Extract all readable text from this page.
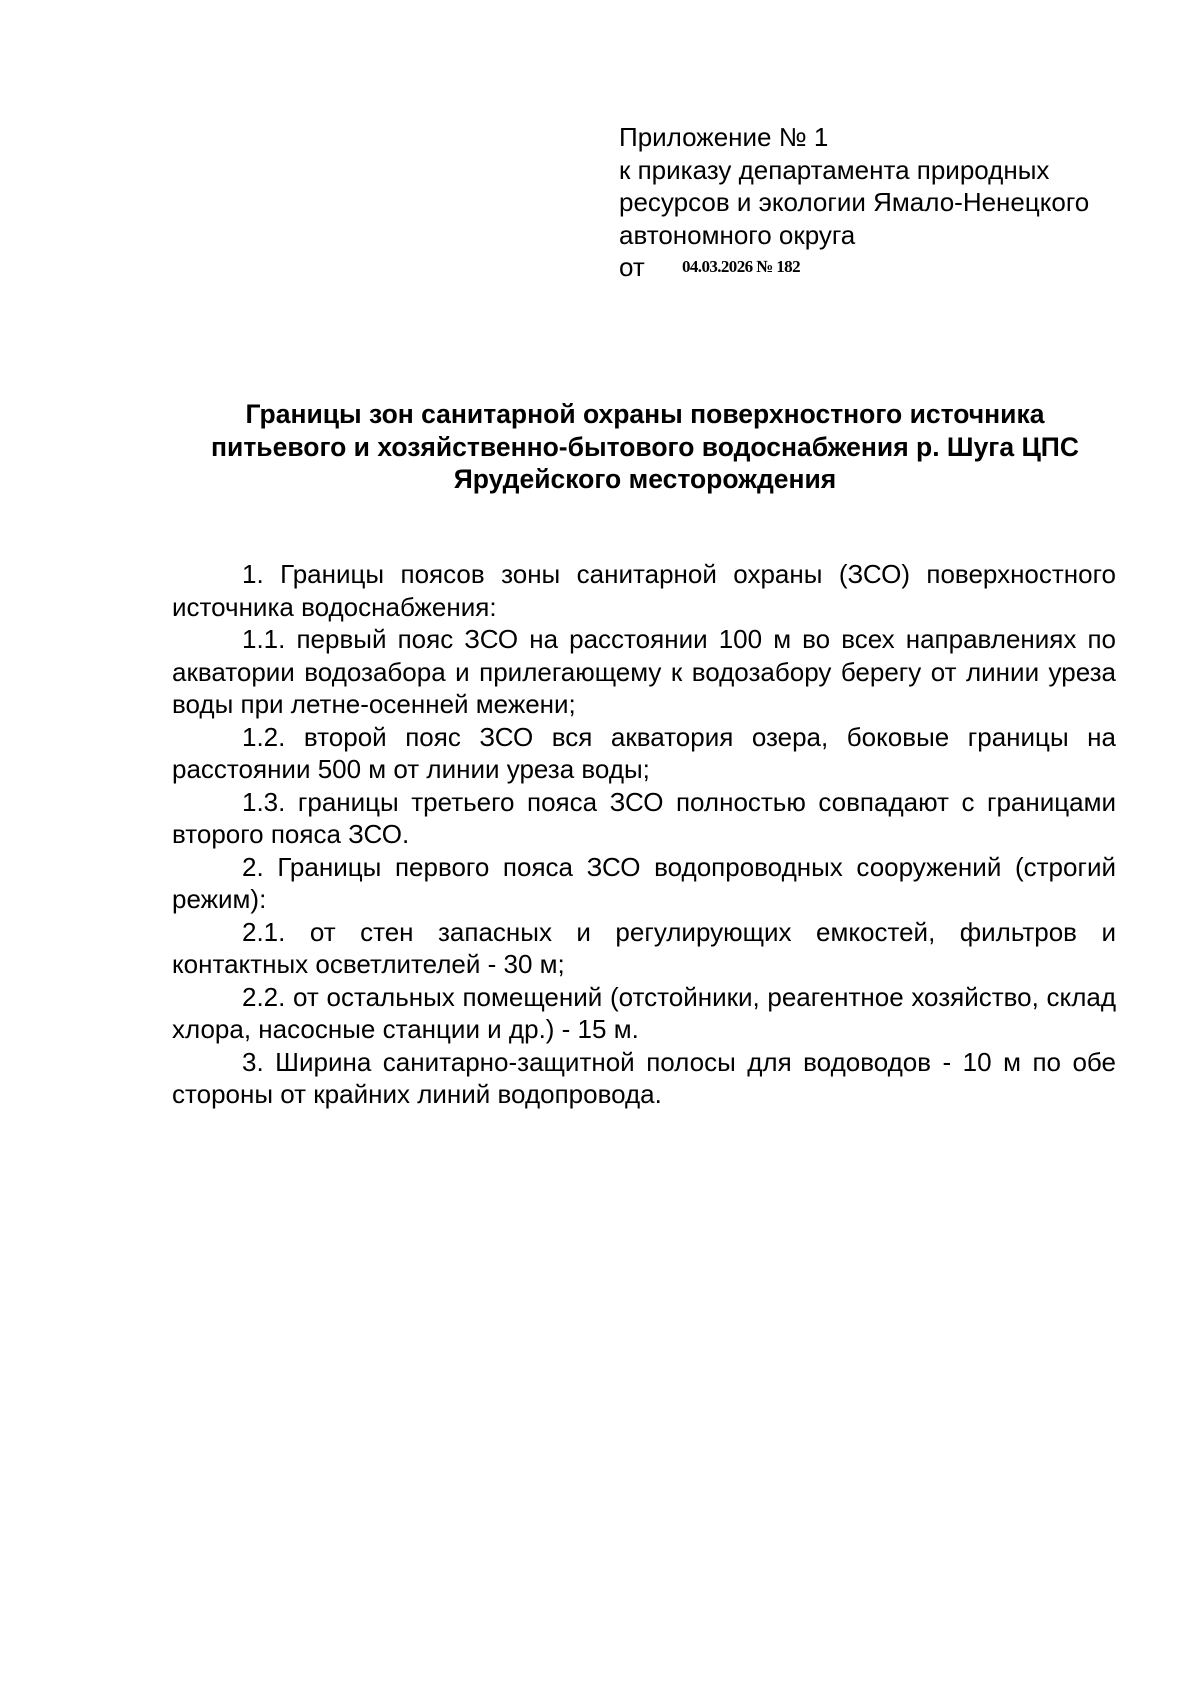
Приложение № 1
к приказу департамента природных
ресурсов и экологии Ямало-Ненецкого
автономного округа
от 04.03.2026 № 182
Границы зон санитарной охраны поверхностного источника
питьевого и хозяйственно-бытового водоснабжения р. Шуга ЦПС
Ярудейского месторождения

1. Границы поясов зоны санитарной охраны (ЗСО) поверхностного источника водоснабжения:

1.1. первый пояс ЗСО на расстоянии 100 м во всех направлениях по акватории водозабора и прилегающему к водозабору берегу от линии уреза воды при летне-осенней межени;

1.2. второй пояс ЗСО вся акватория озера, боковые границы на расстоянии 500 м от линии уреза воды;

1.3. границы третьего пояса ЗСО полностью совпадают с границами второго пояса ЗСО.

2. Границы первого пояса ЗСО водопроводных сооружений (строгий режим):

2.1. от стен запасных и регулирующих емкостей, фильтров и контактных осветлителей - 30 м;

2.2. от остальных помещений (отстойники, реагентное хозяйство, склад хлора, насосные станции и др.) - 15 м.

3. Ширина санитарно-защитной полосы для водоводов - 10 м по обе стороны от крайних линий водопровода.
